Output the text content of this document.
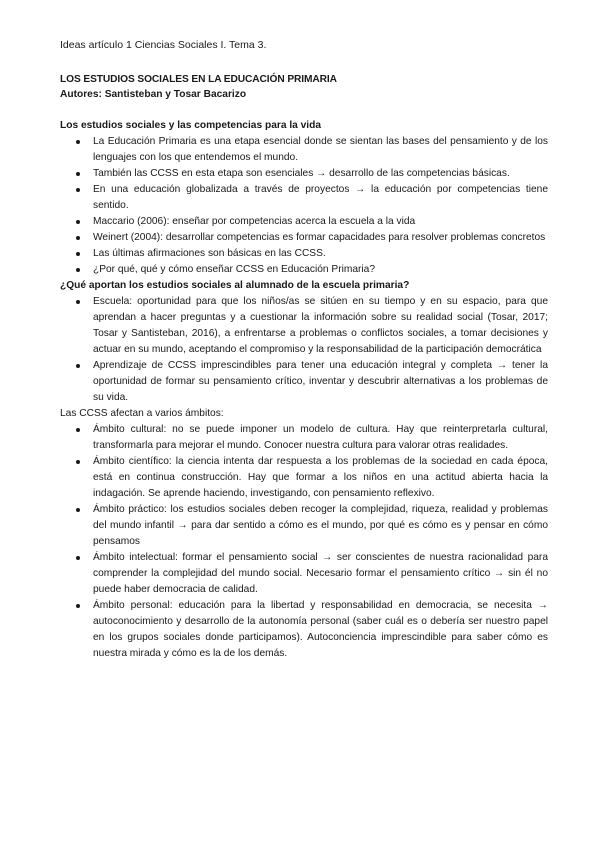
Ideas artículo 1 Ciencias Sociales I. Tema 3.
LOS ESTUDIOS SOCIALES EN LA EDUCACIÓN PRIMARIA
Autores: Santisteban y Tosar Bacarizo
Los estudios sociales y las competencias para la vida
La Educación Primaria es una etapa esencial donde se sientan las bases del pensamiento y de los lenguajes con los que entendemos el mundo.
También las CCSS en esta etapa son esenciales → desarrollo de las competencias básicas.
En una educación globalizada a través de proyectos → la educación por competencias tiene sentido.
Maccario (2006): enseñar por competencias acerca la escuela a la vida
Weinert (2004): desarrollar competencias es formar capacidades para resolver problemas concretos
Las últimas afirmaciones son básicas en las CCSS.
¿Por qué, qué y cómo enseñar CCSS en Educación Primaria?
¿Qué aportan los estudios sociales al alumnado de la escuela primaria?
Escuela: oportunidad para que los niños/as se sitúen en su tiempo y en su espacio, para que aprendan a hacer preguntas y a cuestionar la información sobre su realidad social (Tosar, 2017; Tosar y Santisteban, 2016), a enfrentarse a problemas o conflictos sociales, a tomar decisiones y actuar en su mundo, aceptando el compromiso y la responsabilidad de la participación democrática
Aprendizaje de CCSS imprescindibles para tener una educación integral y completa → tener la oportunidad de formar su pensamiento crítico, inventar y descubrir alternativas a los problemas de su vida.
Las CCSS afectan a varios ámbitos:
Ámbito cultural: no se puede imponer un modelo de cultura. Hay que reinterpretarla cultural, transformarla para mejorar el mundo. Conocer nuestra cultura para valorar otras realidades.
Ámbito científico: la ciencia intenta dar respuesta a los problemas de la sociedad en cada época, está en continua construcción. Hay que formar a los niños en una actitud abierta hacia la indagación. Se aprende haciendo, investigando, con pensamiento reflexivo.
Ámbito práctico: los estudios sociales deben recoger la complejidad, riqueza, realidad y problemas del mundo infantil → para dar sentido a cómo es el mundo, por qué es cómo es y pensar en cómo pensamos
Ámbito intelectual: formar el pensamiento social → ser conscientes de nuestra racionalidad para comprender la complejidad del mundo social. Necesario formar el pensamiento crítico → sin él no puede haber democracia de calidad.
Ámbito personal: educación para la libertad y responsabilidad en democracia, se necesita → autoconocimiento y desarrollo de la autonomía personal (saber cuál es o debería ser nuestro papel en los grupos sociales donde participamos). Autoconciencia imprescindible para saber cómo es nuestra mirada y cómo es la de los demás.
